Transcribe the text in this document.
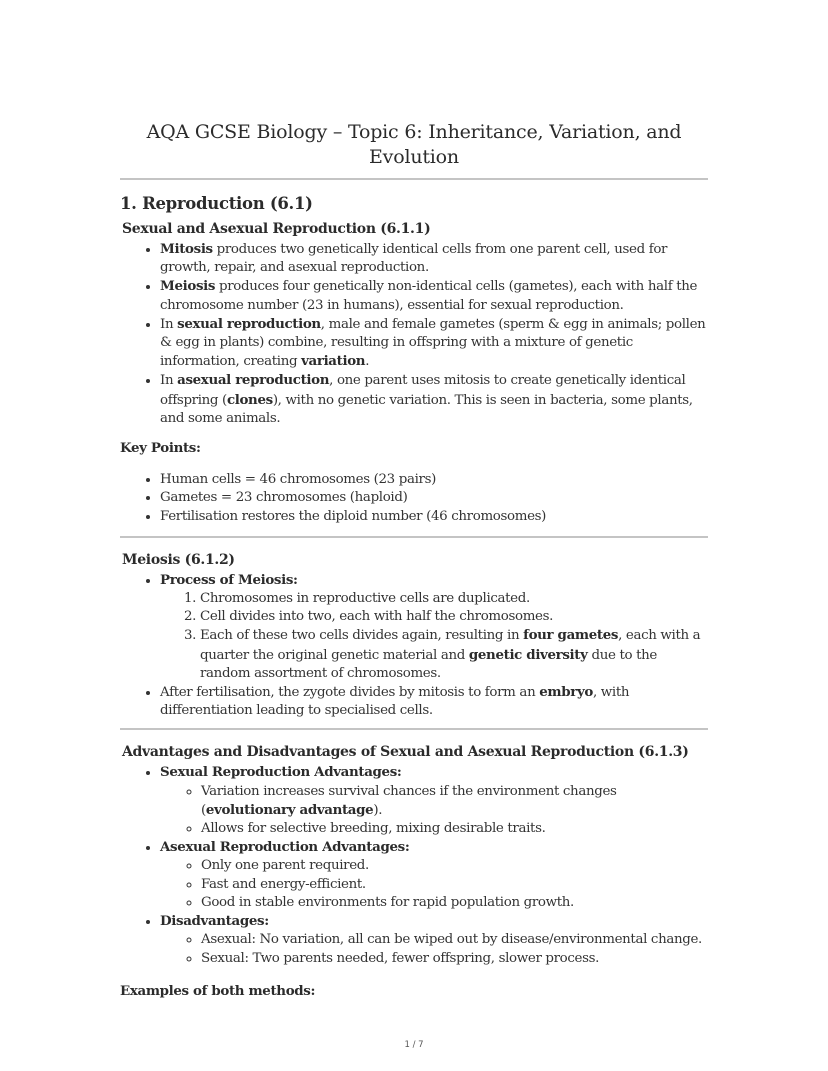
AQA GCSE Biology – Topic 6: Inheritance, Variation, and Evolution
1. Reproduction (6.1)
Sexual and Asexual Reproduction (6.1.1)
• Mitosis produces two genetically identical cells from one parent cell, used for growth, repair, and asexual reproduction.
• Meiosis produces four genetically non-identical cells (gametes), each with half the chromosome number (23 in humans), essential for sexual reproduction.
• In sexual reproduction, male and female gametes (sperm & egg in animals; pollen & egg in plants) combine, resulting in offspring with a mixture of genetic information, creating variation.
• In asexual reproduction, one parent uses mitosis to create genetically identical offspring (clones), with no genetic variation. This is seen in bacteria, some plants, and some animals.
Key Points:
• Human cells = 46 chromosomes (23 pairs)
• Gametes = 23 chromosomes (haploid)
• Fertilisation restores the diploid number (46 chromosomes)
Meiosis (6.1.2)
• Process of Meiosis:
1. Chromosomes in reproductive cells are duplicated.
2. Cell divides into two, each with half the chromosomes.
3. Each of these two cells divides again, resulting in four gametes, each with a quarter the original genetic material and genetic diversity due to the random assortment of chromosomes.
• After fertilisation, the zygote divides by mitosis to form an embryo, with differentiation leading to specialised cells.
Advantages and Disadvantages of Sexual and Asexual Reproduction (6.1.3)
• Sexual Reproduction Advantages:
◦ Variation increases survival chances if the environment changes (evolutionary advantage).
◦ Allows for selective breeding, mixing desirable traits.
• Asexual Reproduction Advantages:
◦ Only one parent required.
◦ Fast and energy-efficient.
◦ Good in stable environments for rapid population growth.
• Disadvantages:
◦ Asexual: No variation, all can be wiped out by disease/environmental change.
◦ Sexual: Two parents needed, fewer offspring, slower process.
Examples of both methods:
1 / 7
